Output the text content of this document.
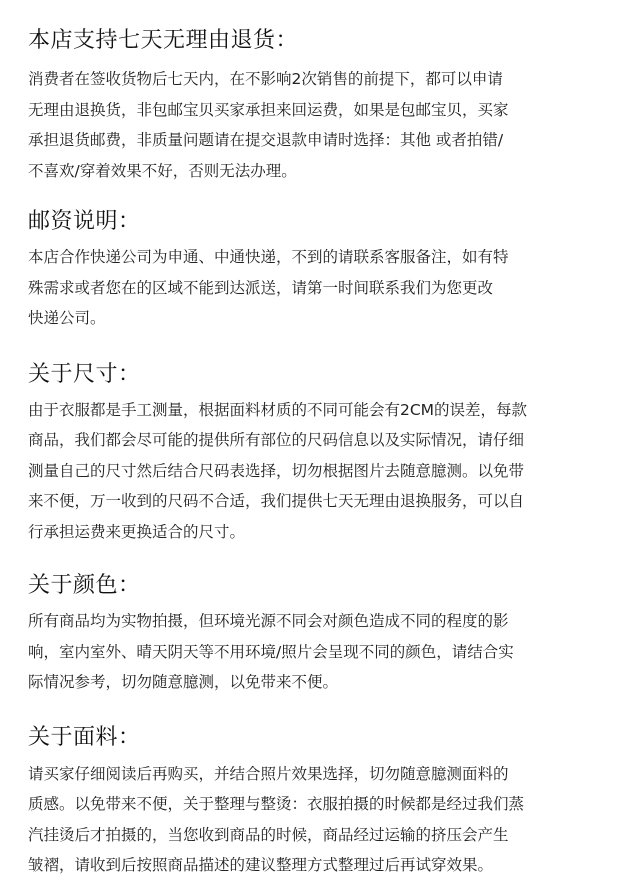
本店支持七天无理由退货：
消费者在签收货物后七天内，在不影响2次销售的前提下，都可以申请
无理由退换货，非包邮宝贝买家承担来回运费，如果是包邮宝贝，买家
承担退货邮费，非质量问题请在提交退款申请时选择：其他 或者拍错/
不喜欢/穿着效果不好，否则无法办理。
邮资说明：
本店合作快递公司为申通、中通快递，不到的请联系客服备注，如有特
殊需求或者您在的区域不能到达派送，请第一时间联系我们为您更改
快递公司。
关于尺寸：
由于衣服都是手工测量，根据面料材质的不同可能会有2CM的误差，每款
商品，我们都会尽可能的提供所有部位的尺码信息以及实际情况，请仔细
测量自己的尺寸然后结合尺码表选择，切勿根据图片去随意臆测。以免带
来不便，万一收到的尺码不合适，我们提供七天无理由退换服务，可以自
行承担运费来更换适合的尺寸。
关于颜色：
所有商品均为实物拍摄，但环境光源不同会对颜色造成不同的程度的影
响，室内室外、晴天阴天等不用环境/照片会呈现不同的颜色，请结合实
际情况参考，切勿随意臆测，以免带来不便。
关于面料：
请买家仔细阅读后再购买，并结合照片效果选择，切勿随意臆测面料的
质感。以免带来不便，关于整理与整烫：衣服拍摄的时候都是经过我们蒸
汽挂烫后才拍摄的，当您收到商品的时候，商品经过运输的挤压会产生
皱褶，请收到后按照商品描述的建议整理方式整理过后再试穿效果。
